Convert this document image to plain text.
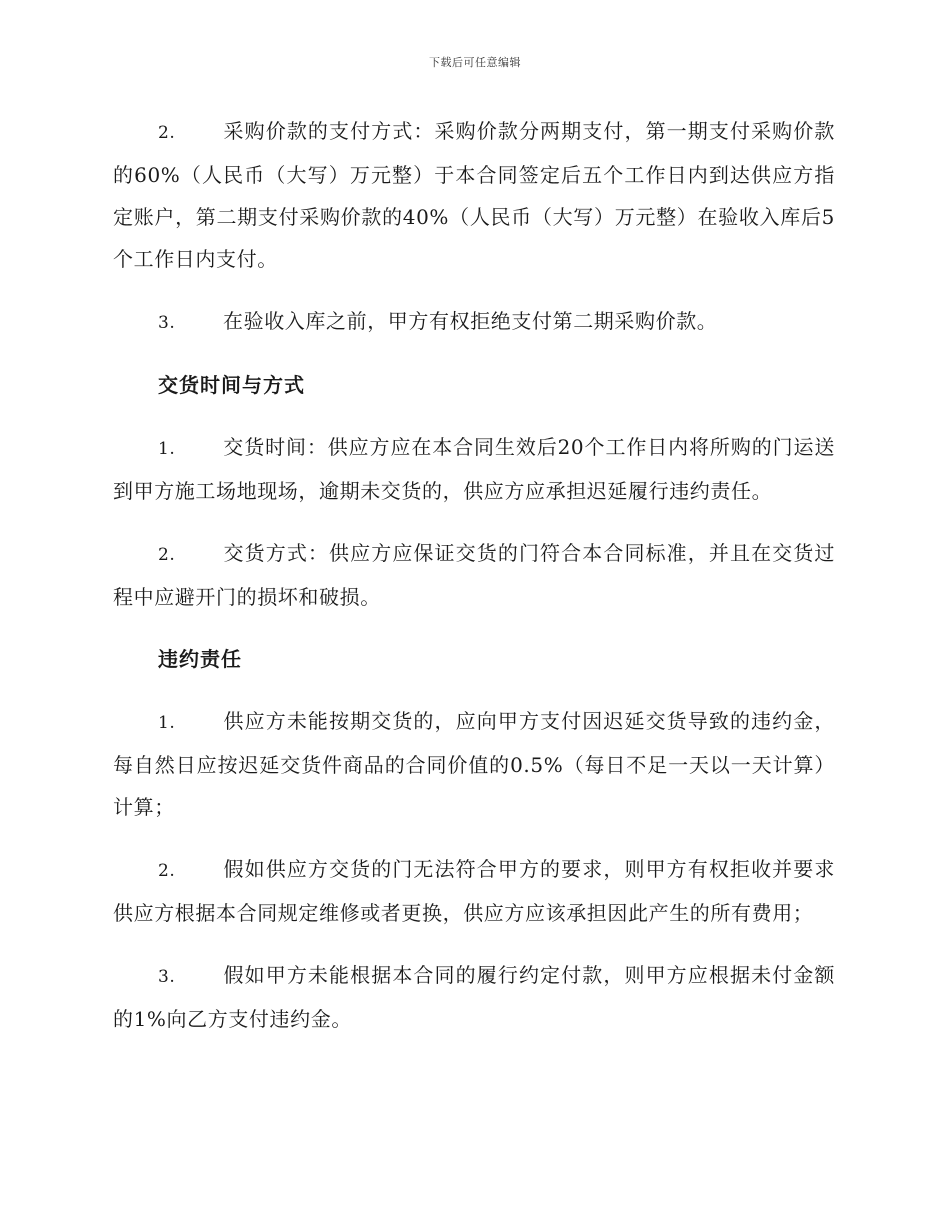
下载后可任意编辑

2. 采购价款的支付方式：采购价款分两期支付，第一期支付采购价款的60%（人民币（大写）万元整）于本合同签定后五个工作日内到达供应方指定账户，第二期支付采购价款的40%（人民币（大写）万元整）在验收入库后5个工作日内支付。

3. 在验收入库之前，甲方有权拒绝支付第二期采购价款。

交货时间与方式

1. 交货时间：供应方应在本合同生效后20个工作日内将所购的门运送到甲方施工场地现场，逾期未交货的，供应方应承担迟延履行违约责任。

2. 交货方式：供应方应保证交货的门符合本合同标准，并且在交货过程中应避开门的损坏和破损。

违约责任

1. 供应方未能按期交货的，应向甲方支付因迟延交货导致的违约金，每自然日应按迟延交货件商品的合同价值的0.5%（每日不足一天以一天计算）计算；

2. 假如供应方交货的门无法符合甲方的要求，则甲方有权拒收并要求供应方根据本合同规定维修或者更换，供应方应该承担因此产生的所有费用；

3. 假如甲方未能根据本合同的履行约定付款，则甲方应根据未付金额的1%向乙方支付违约金。
